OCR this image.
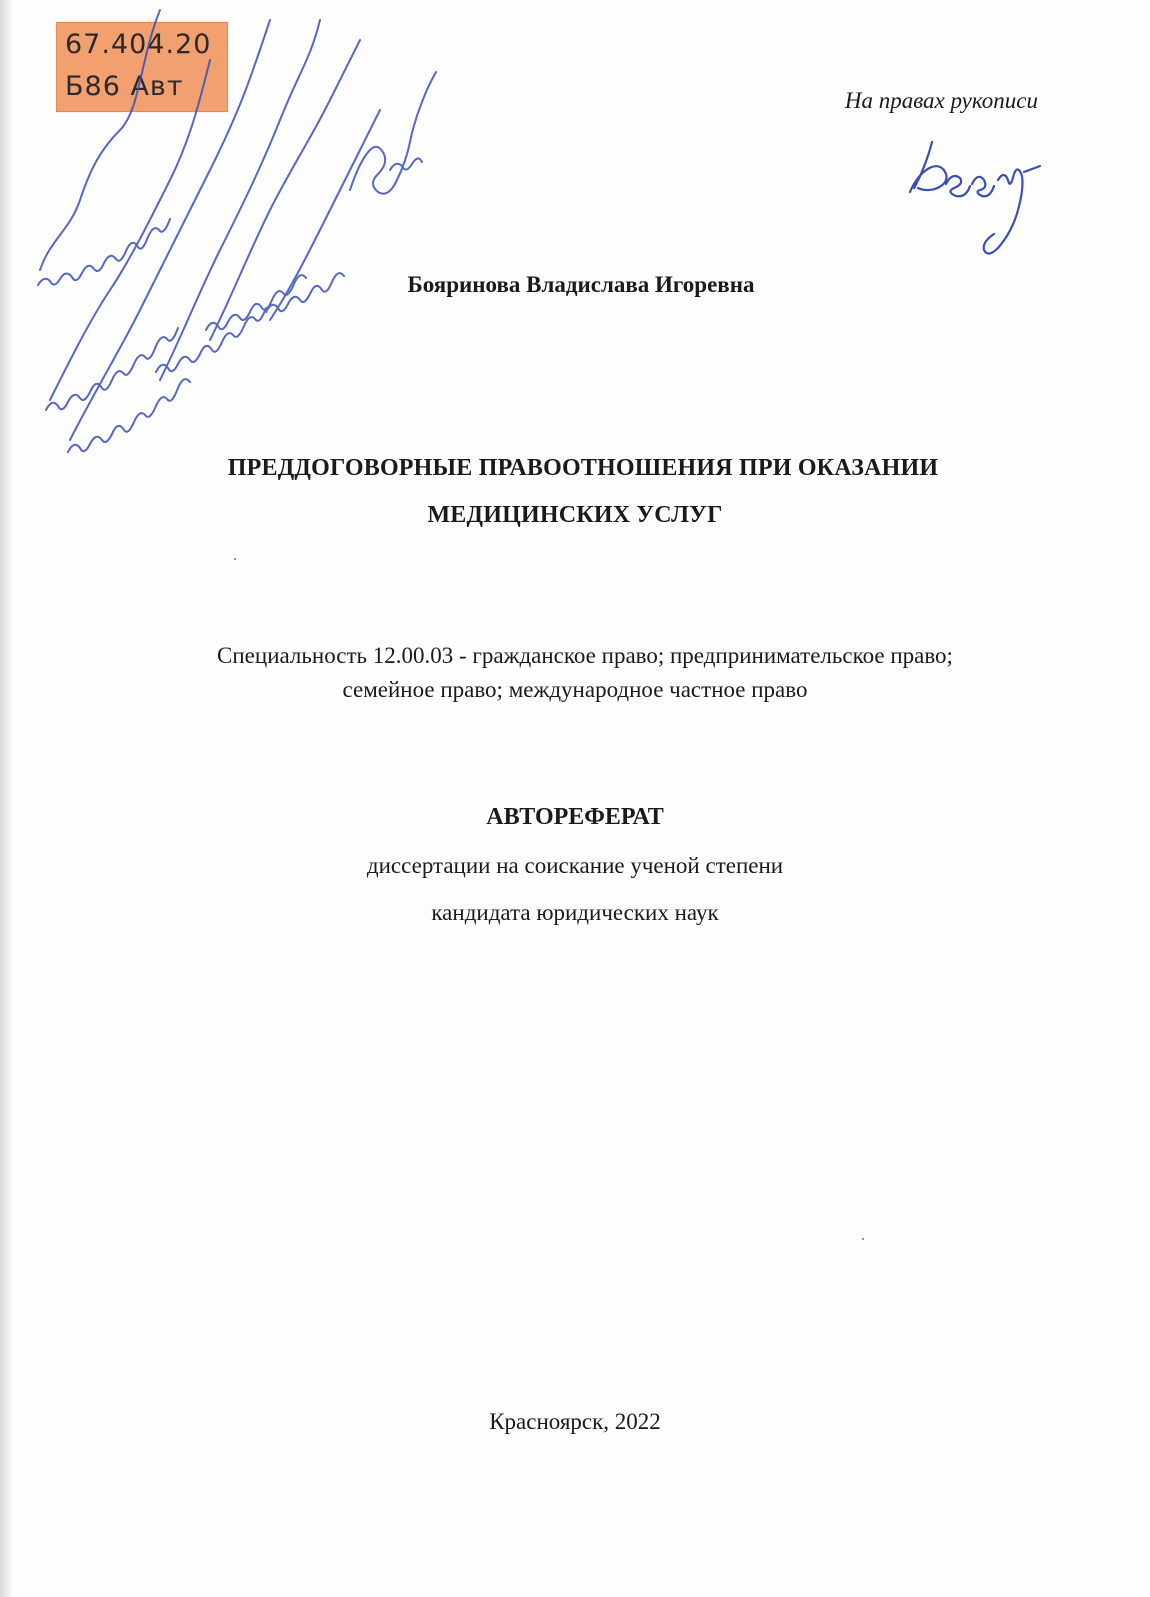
67.404.20
Б86 Авт	На правах рукописи
Бояринова Владислава Игоревна
ПРЕДДОГОВОРНЫЕ ПРАВООТНОШЕНИЯ ПРИ ОКАЗАНИИ
МЕДИЦИНСКИХ УСЛУГ
Специальность 12.00.03 - гражданское право; предпринимательское право;
семейное право; международное частное право
АВТОРЕФЕРАТ
диссертации на соискание ученой степени
кандидата юридических наук
Красноярск, 2022
